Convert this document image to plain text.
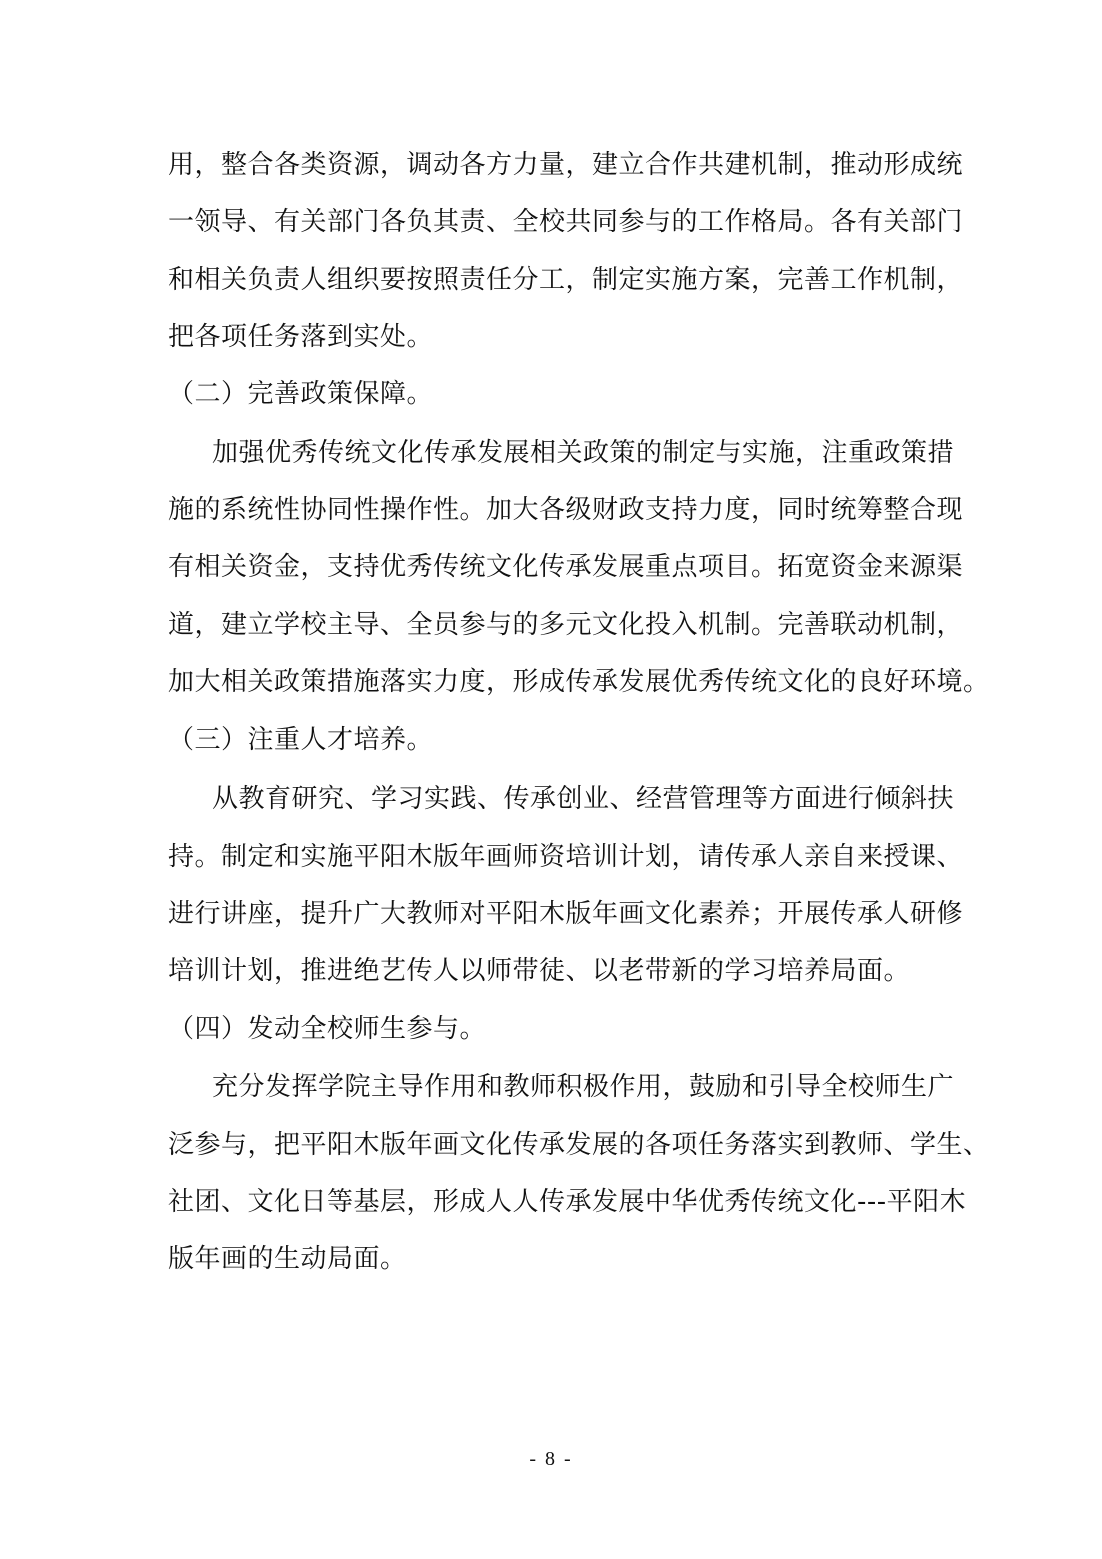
用，整合各类资源，调动各方力量，建立合作共建机制，推动形成统
一领导、有关部门各负其责、全校共同参与的工作格局。各有关部门
和相关负责人组织要按照责任分工，制定实施方案，完善工作机制，
把各项任务落到实处。
（二）完善政策保障。
加强优秀传统文化传承发展相关政策的制定与实施，注重政策措
施的系统性协同性操作性。加大各级财政支持力度，同时统筹整合现
有相关资金，支持优秀传统文化传承发展重点项目。拓宽资金来源渠
道，建立学校主导、全员参与的多元文化投入机制。完善联动机制，
加大相关政策措施落实力度，形成传承发展优秀传统文化的良好环境。
（三）注重人才培养。
从教育研究、学习实践、传承创业、经营管理等方面进行倾斜扶
持。制定和实施平阳木版年画师资培训计划，请传承人亲自来授课、
进行讲座，提升广大教师对平阳木版年画文化素养；开展传承人研修
培训计划，推进绝艺传人以师带徒、以老带新的学习培养局面。
（四）发动全校师生参与。
充分发挥学院主导作用和教师积极作用，鼓励和引导全校师生广
泛参与，把平阳木版年画文化传承发展的各项任务落实到教师、学生、
社团、文化日等基层，形成人人传承发展中华优秀传统文化---平阳木
版年画的生动局面。
- 8 -
